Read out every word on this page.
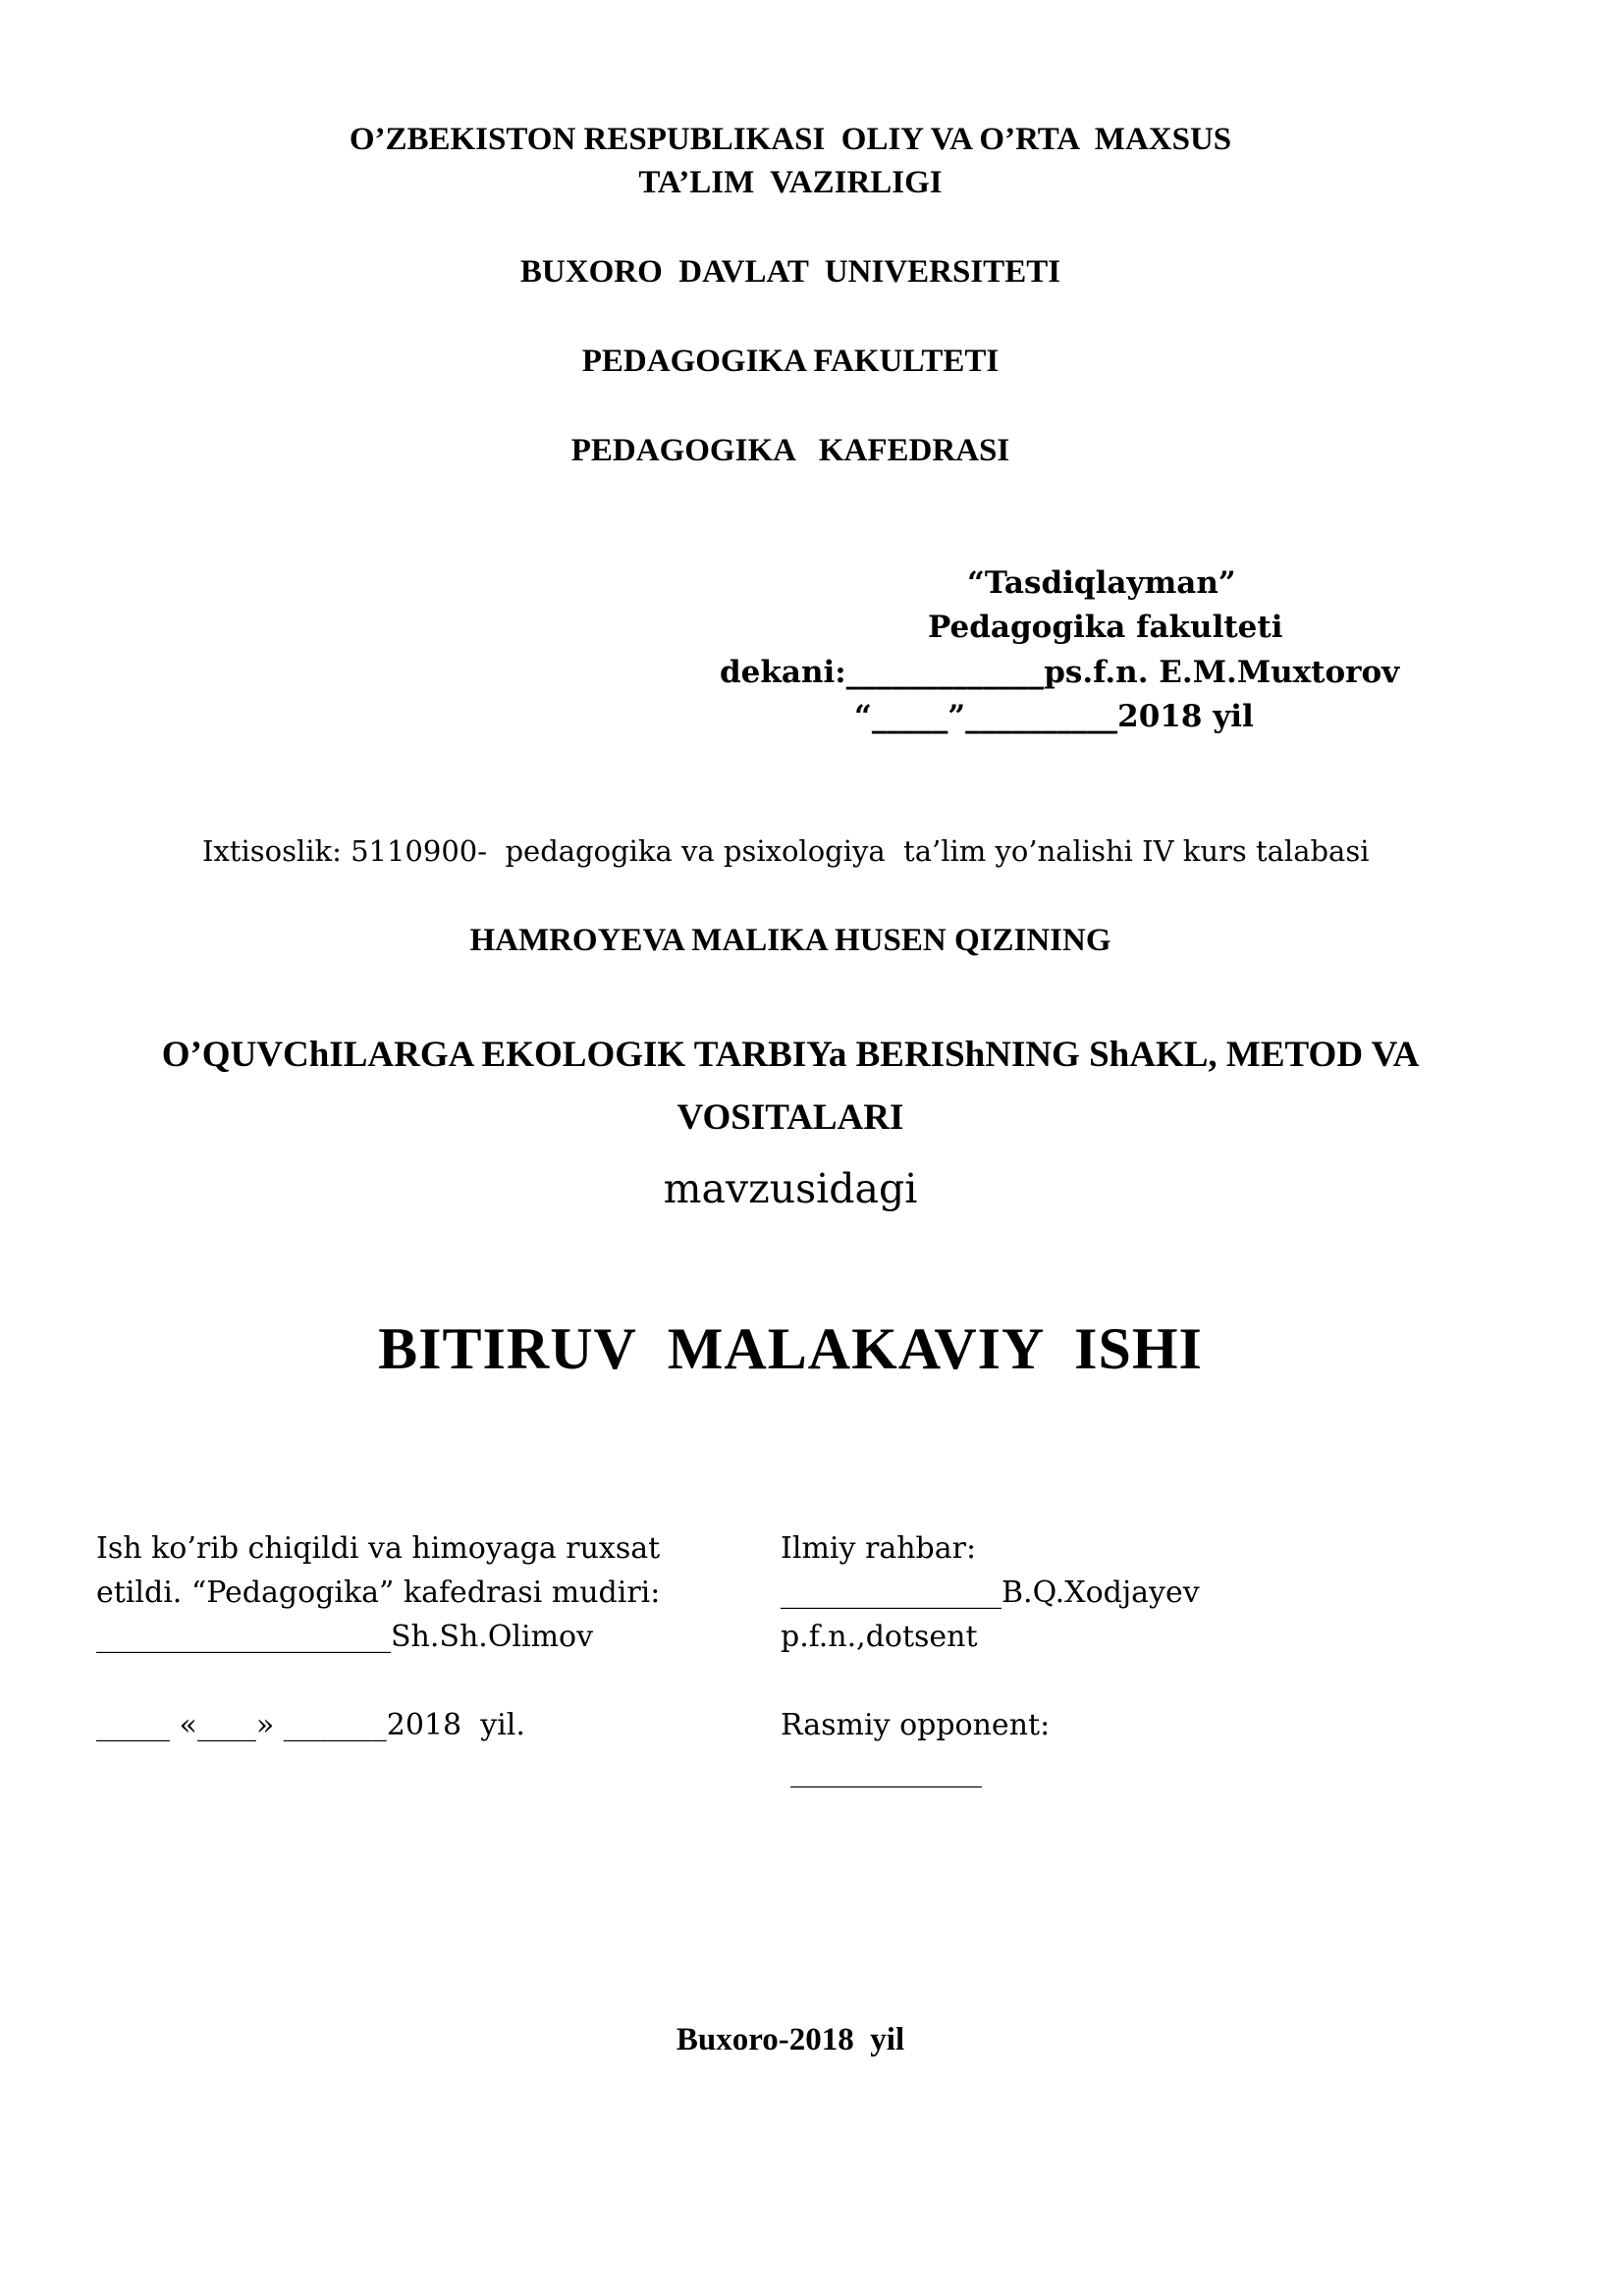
O’ZBEKISTON RESPUBLIKASI  OLIY VA O’RTA  MAXSUS
TA’LIM  VAZIRLIGI
BUXORO  DAVLAT  UNIVERSITETI
PEDAGOGIKA FAKULTETI
PEDAGOGIKA   KAFEDRASI
“Tasdiqlayman”
Pedagogika fakulteti
dekani:_____________ps.f.n. E.M.Muxtorov
“_____”__________2018 yil
Ixtisoslik: 5110900-  pedagogika va psixologiya  ta’lim yo’nalishi IV kurs talabasi
HAMROYEVA MALIKA HUSEN QIZINING
O’QUVChILARGA EKOLOGIK TARBIYa BERIShNING ShAKL, METOD VA
VOSITALARI
mavzusidagi
BITIRUV  MALAKAVIY  ISHI
Ish ko’rib chiqildi va himoyaga ruxsat
etildi. “Pedagogika” kafedrasi mudiri:
____________________Sh.Sh.Olimov
_____ «____» _______2018  yil.
Ilmiy rahbar:
_______________B.Q.Xodjayev
p.f.n.,dotsent
Rasmiy opponent:
_____________
Buxoro-2018  yil
